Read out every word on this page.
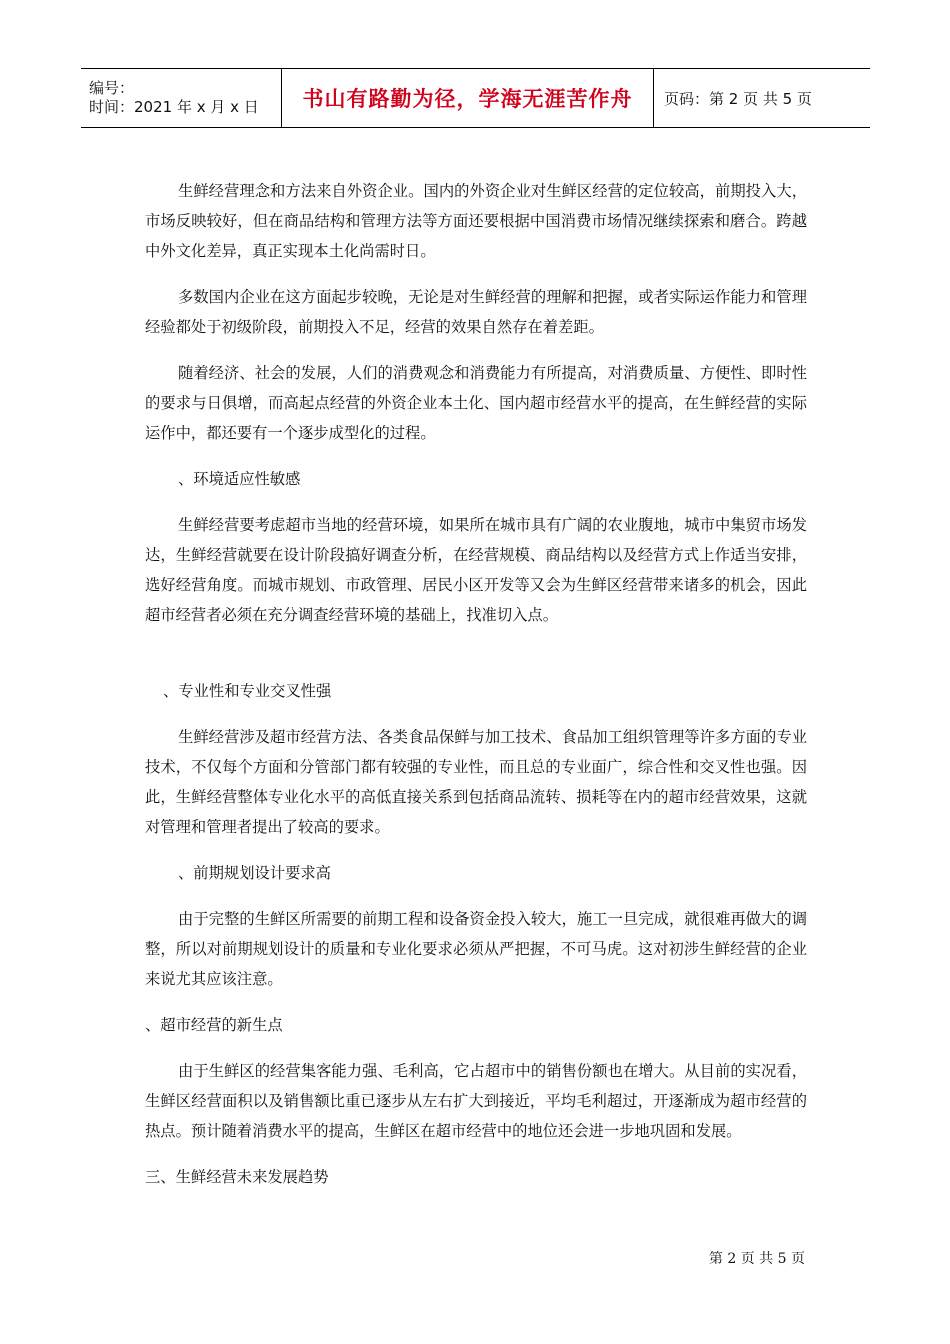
编号：
时间：2021 年 x 月 x 日	书山有路勤为径，学海无涯苦作舟	页码：第 2 页 共 5 页

生鲜经营理念和方法来自外资企业。国内的外资企业对生鲜区经营的定位较高，前期投入大，市场反映较好，但在商品结构和管理方法等方面还要根据中国消费市场情况继续探索和磨合。跨越中外文化差异，真正实现本土化尚需时日。

多数国内企业在这方面起步较晚，无论是对生鲜经营的理解和把握，或者实际运作能力和管理经验都处于初级阶段，前期投入不足，经营的效果自然存在着差距。

随着经济、社会的发展，人们的消费观念和消费能力有所提高，对消费质量、方便性、即时性的要求与日俱增，而高起点经营的外资企业本土化、国内超市经营水平的提高，在生鲜经营的实际运作中，都还要有一个逐步成型化的过程。

、环境适应性敏感

生鲜经营要考虑超市当地的经营环境，如果所在城市具有广阔的农业腹地，城市中集贸市场发达，生鲜经营就要在设计阶段搞好调查分析，在经营规模、商品结构以及经营方式上作适当安排，选好经营角度。而城市规划、市政管理、居民小区开发等又会为生鲜区经营带来诸多的机会，因此超市经营者必须在充分调查经营环境的基础上，找准切入点。

、专业性和专业交叉性强

生鲜经营涉及超市经营方法、各类食品保鲜与加工技术、食品加工组织管理等许多方面的专业技术，不仅每个方面和分管部门都有较强的专业性，而且总的专业面广，综合性和交叉性也强。因此，生鲜经营整体专业化水平的高低直接关系到包括商品流转、损耗等在内的超市经营效果，这就对管理和管理者提出了较高的要求。

、前期规划设计要求高

由于完整的生鲜区所需要的前期工程和设备资金投入较大，施工一旦完成，就很难再做大的调整，所以对前期规划设计的质量和专业化要求必须从严把握，不可马虎。这对初涉生鲜经营的企业来说尤其应该注意。

、超市经营的新生点

由于生鲜区的经营集客能力强、毛利高，它占超市中的销售份额也在增大。从目前的实况看，生鲜区经营面积以及销售额比重已逐步从左右扩大到接近，平均毛利超过，开逐渐成为超市经营的热点。预计随着消费水平的提高，生鲜区在超市经营中的地位还会进一步地巩固和发展。

三、生鲜经营未来发展趋势

第 2 页 共 5 页
